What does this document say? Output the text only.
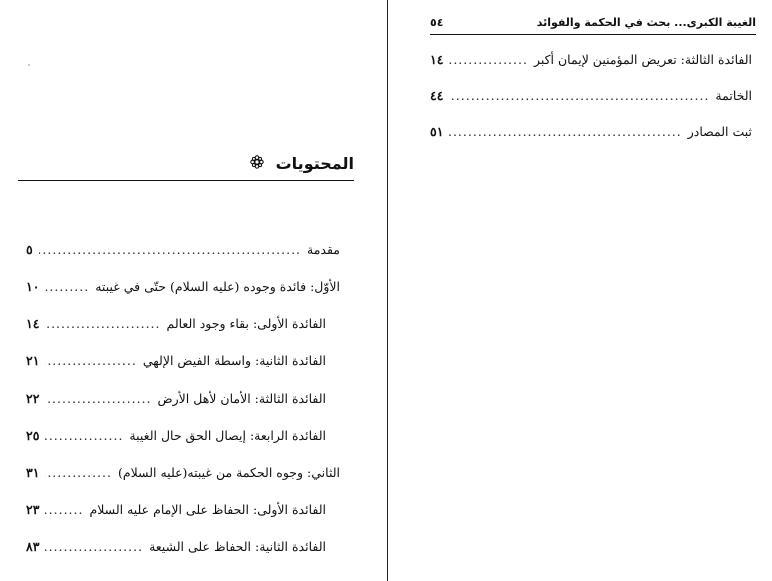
الغيبة الكبرى... بحث في الحكمة والفوائد
٥٤
الفائدة الثالثة: تعريض المؤمنين لإيمان أكبر
.....
١٤
الخاتمة
.....
٤٤
ثبت المصادر
.....
٥١
المحتويات
مقدمة
.....
٥
الأوّل: فائدة وجوده (عليه السلام) حتّى في غيبته
.....
١٠
الفائدة الأولى: بقاء وجود العالم
.....
١٤
الفائدة الثانية: واسطة الفيض الإلهي
.....
٢١
الفائدة الثالثة: الأمان لأهل الأرض
.....
٢٢
الفائدة الرابعة: إيصال الحق حال الغيبة
.....
٢٥
الثاني: وجوه الحكمة من غيبته(عليه السلام)
.....
٣١
الفائدة الأولى: الحفاظ على الإمام عليه السلام
.....
٢٣
الفائدة الثانية: الحفاظ على الشيعة
.....
٨٣
